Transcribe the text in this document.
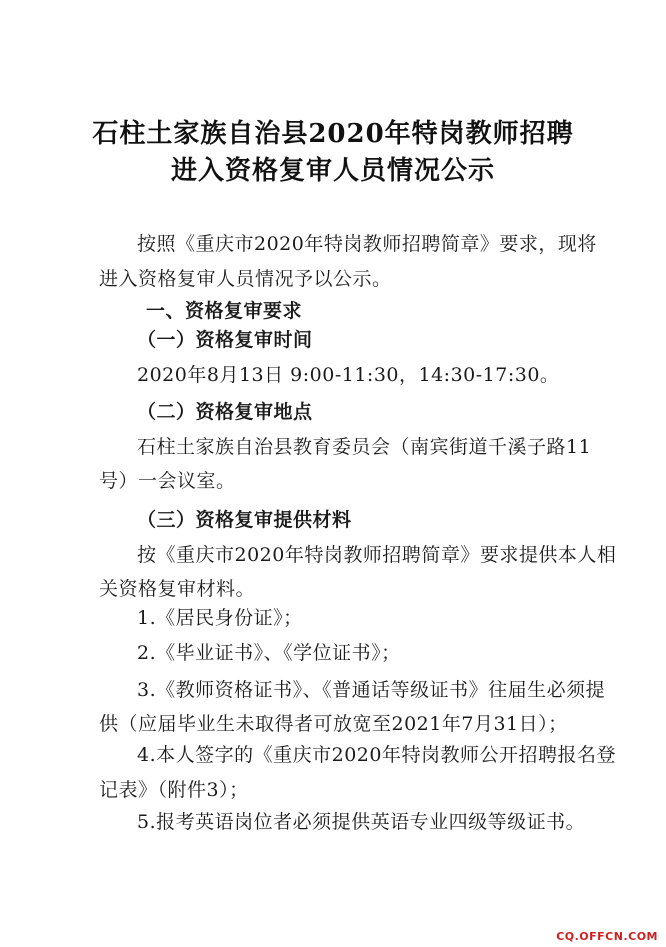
石柱土家族自治县2020年特岗教师招聘
进入资格复审人员情况公示
按照《重庆市2020年特岗教师招聘简章》要求，现将
进入资格复审人员情况予以公示。
一、资格复审要求
（一）资格复审时间
2020年8月13日 9:00-11:30，14:30-17:30。
（二）资格复审地点
石柱土家族自治县教育委员会（南宾街道千溪子路11
号）一会议室。
（三）资格复审提供材料
按《重庆市2020年特岗教师招聘简章》要求提供本人相
关资格复审材料。
1.《居民身份证》；
2.《毕业证书》、《学位证书》；
3.《教师资格证书》、《普通话等级证书》往届生必须提
供（应届毕业生未取得者可放宽至2021年7月31日）；
4.本人签字的《重庆市2020年特岗教师公开招聘报名登
记表》（附件3）；
5.报考英语岗位者必须提供英语专业四级等级证书。
CQ.OFFCN.COM
